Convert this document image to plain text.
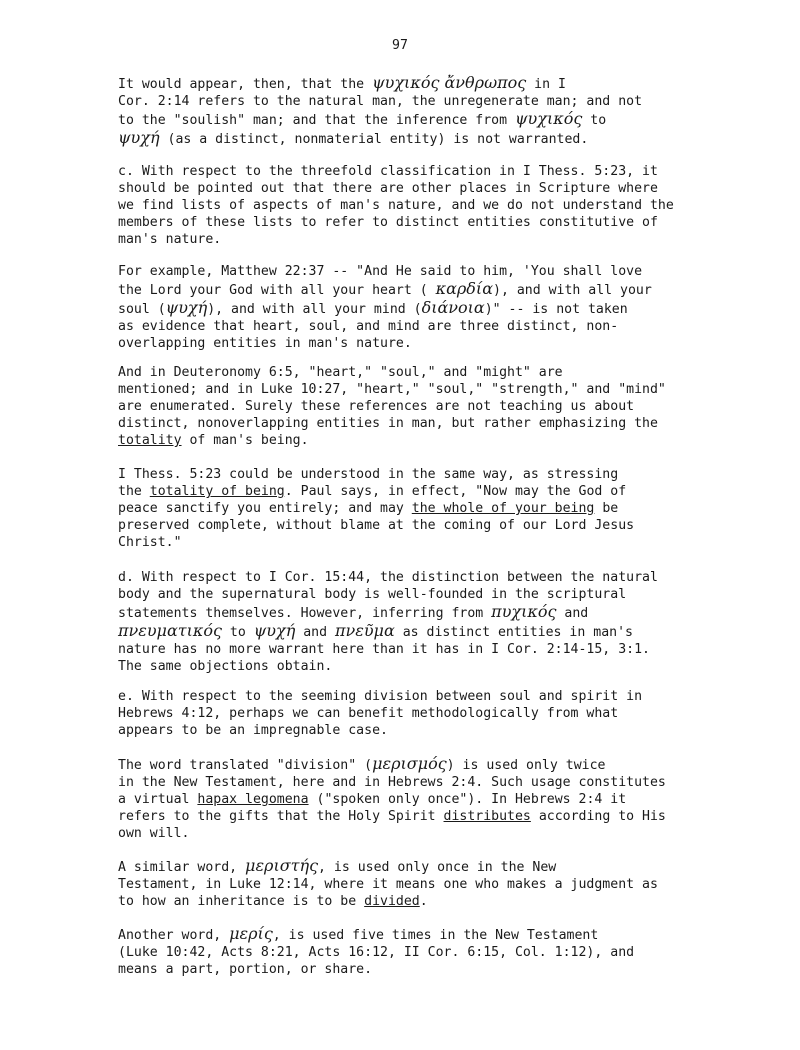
97
It would appear, then, that the ψυχικός ἄνθρωπος in I
Cor. 2:14 refers to the natural man, the unregenerate man; and not
to the "soulish" man; and that the inference from ψυχικός to
ψυχή (as a distinct, nonmaterial entity) is not warranted.
c. With respect to the threefold classification in I Thess. 5:23, it
should be pointed out that there are other places in Scripture where
we find lists of aspects of man's nature, and we do not understand the
members of these lists to refer to distinct entities constitutive of
man's nature.
For example, Matthew 22:37 -- "And He said to him, 'You shall love
the Lord your God with all your heart ( καρδία), and with all your
soul (ψυχή), and with all your mind (διάνοια)" -- is not taken
as evidence that heart, soul, and mind are three distinct, non-
overlapping entities in man's nature.
And in Deuteronomy 6:5, "heart," "soul," and "might" are
mentioned; and in Luke 10:27, "heart," "soul," "strength," and "mind"
are enumerated. Surely these references are not teaching us about
distinct, nonoverlapping entities in man, but rather emphasizing the
totality of man's being.
I Thess. 5:23 could be understood in the same way, as stressing
the totality of being. Paul says, in effect, "Now may the God of
peace sanctify you entirely; and may the whole of your being be
preserved complete, without blame at the coming of our Lord Jesus
Christ."
d. With respect to I Cor. 15:44, the distinction between the natural
body and the supernatural body is well-founded in the scriptural
statements themselves. However, inferring from πυχικός and
πνευματικός to ψυχή and πνεῦμα as distinct entities in man's
nature has no more warrant here than it has in I Cor. 2:14-15, 3:1.
The same objections obtain.
e. With respect to the seeming division between soul and spirit in
Hebrews 4:12, perhaps we can benefit methodologically from what
appears to be an impregnable case.
The word translated "division" (μερισμός) is used only twice
in the New Testament, here and in Hebrews 2:4. Such usage constitutes
a virtual hapax legomena ("spoken only once"). In Hebrews 2:4 it
refers to the gifts that the Holy Spirit distributes according to His
own will.
A similar word, μεριστής, is used only once in the New
Testament, in Luke 12:14, where it means one who makes a judgment as
to how an inheritance is to be divided.
Another word, μερίς, is used five times in the New Testament
(Luke 10:42, Acts 8:21, Acts 16:12, II Cor. 6:15, Col. 1:12), and
means a part, portion, or share.
